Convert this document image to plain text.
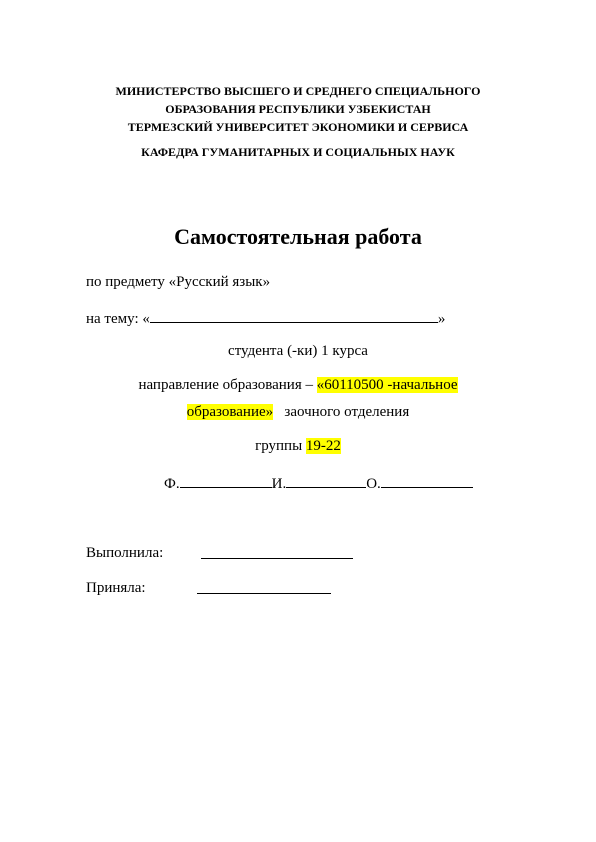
МИНИСТЕРСТВО ВЫСШЕГО И СРЕДНЕГО СПЕЦИАЛЬНОГО
ОБРАЗОВАНИЯ РЕСПУБЛИКИ УЗБЕКИСТАН
ТЕРМЕЗСКИЙ УНИВЕРСИТЕТ ЭКОНОМИКИ И СЕРВИСА
КАФЕДРА ГУМАНИТАРНЫХ И СОЦИАЛЬНЫХ НАУК
Самостоятельная работа
по предмету «Русский язык»
на тему: «	»
студента (-ки) 1 курса
направление образования – «60110500 -начальное
образование»   заочного отделения
группы 19-22
Ф.	И.	О.
Выполнила:
Приняла:
